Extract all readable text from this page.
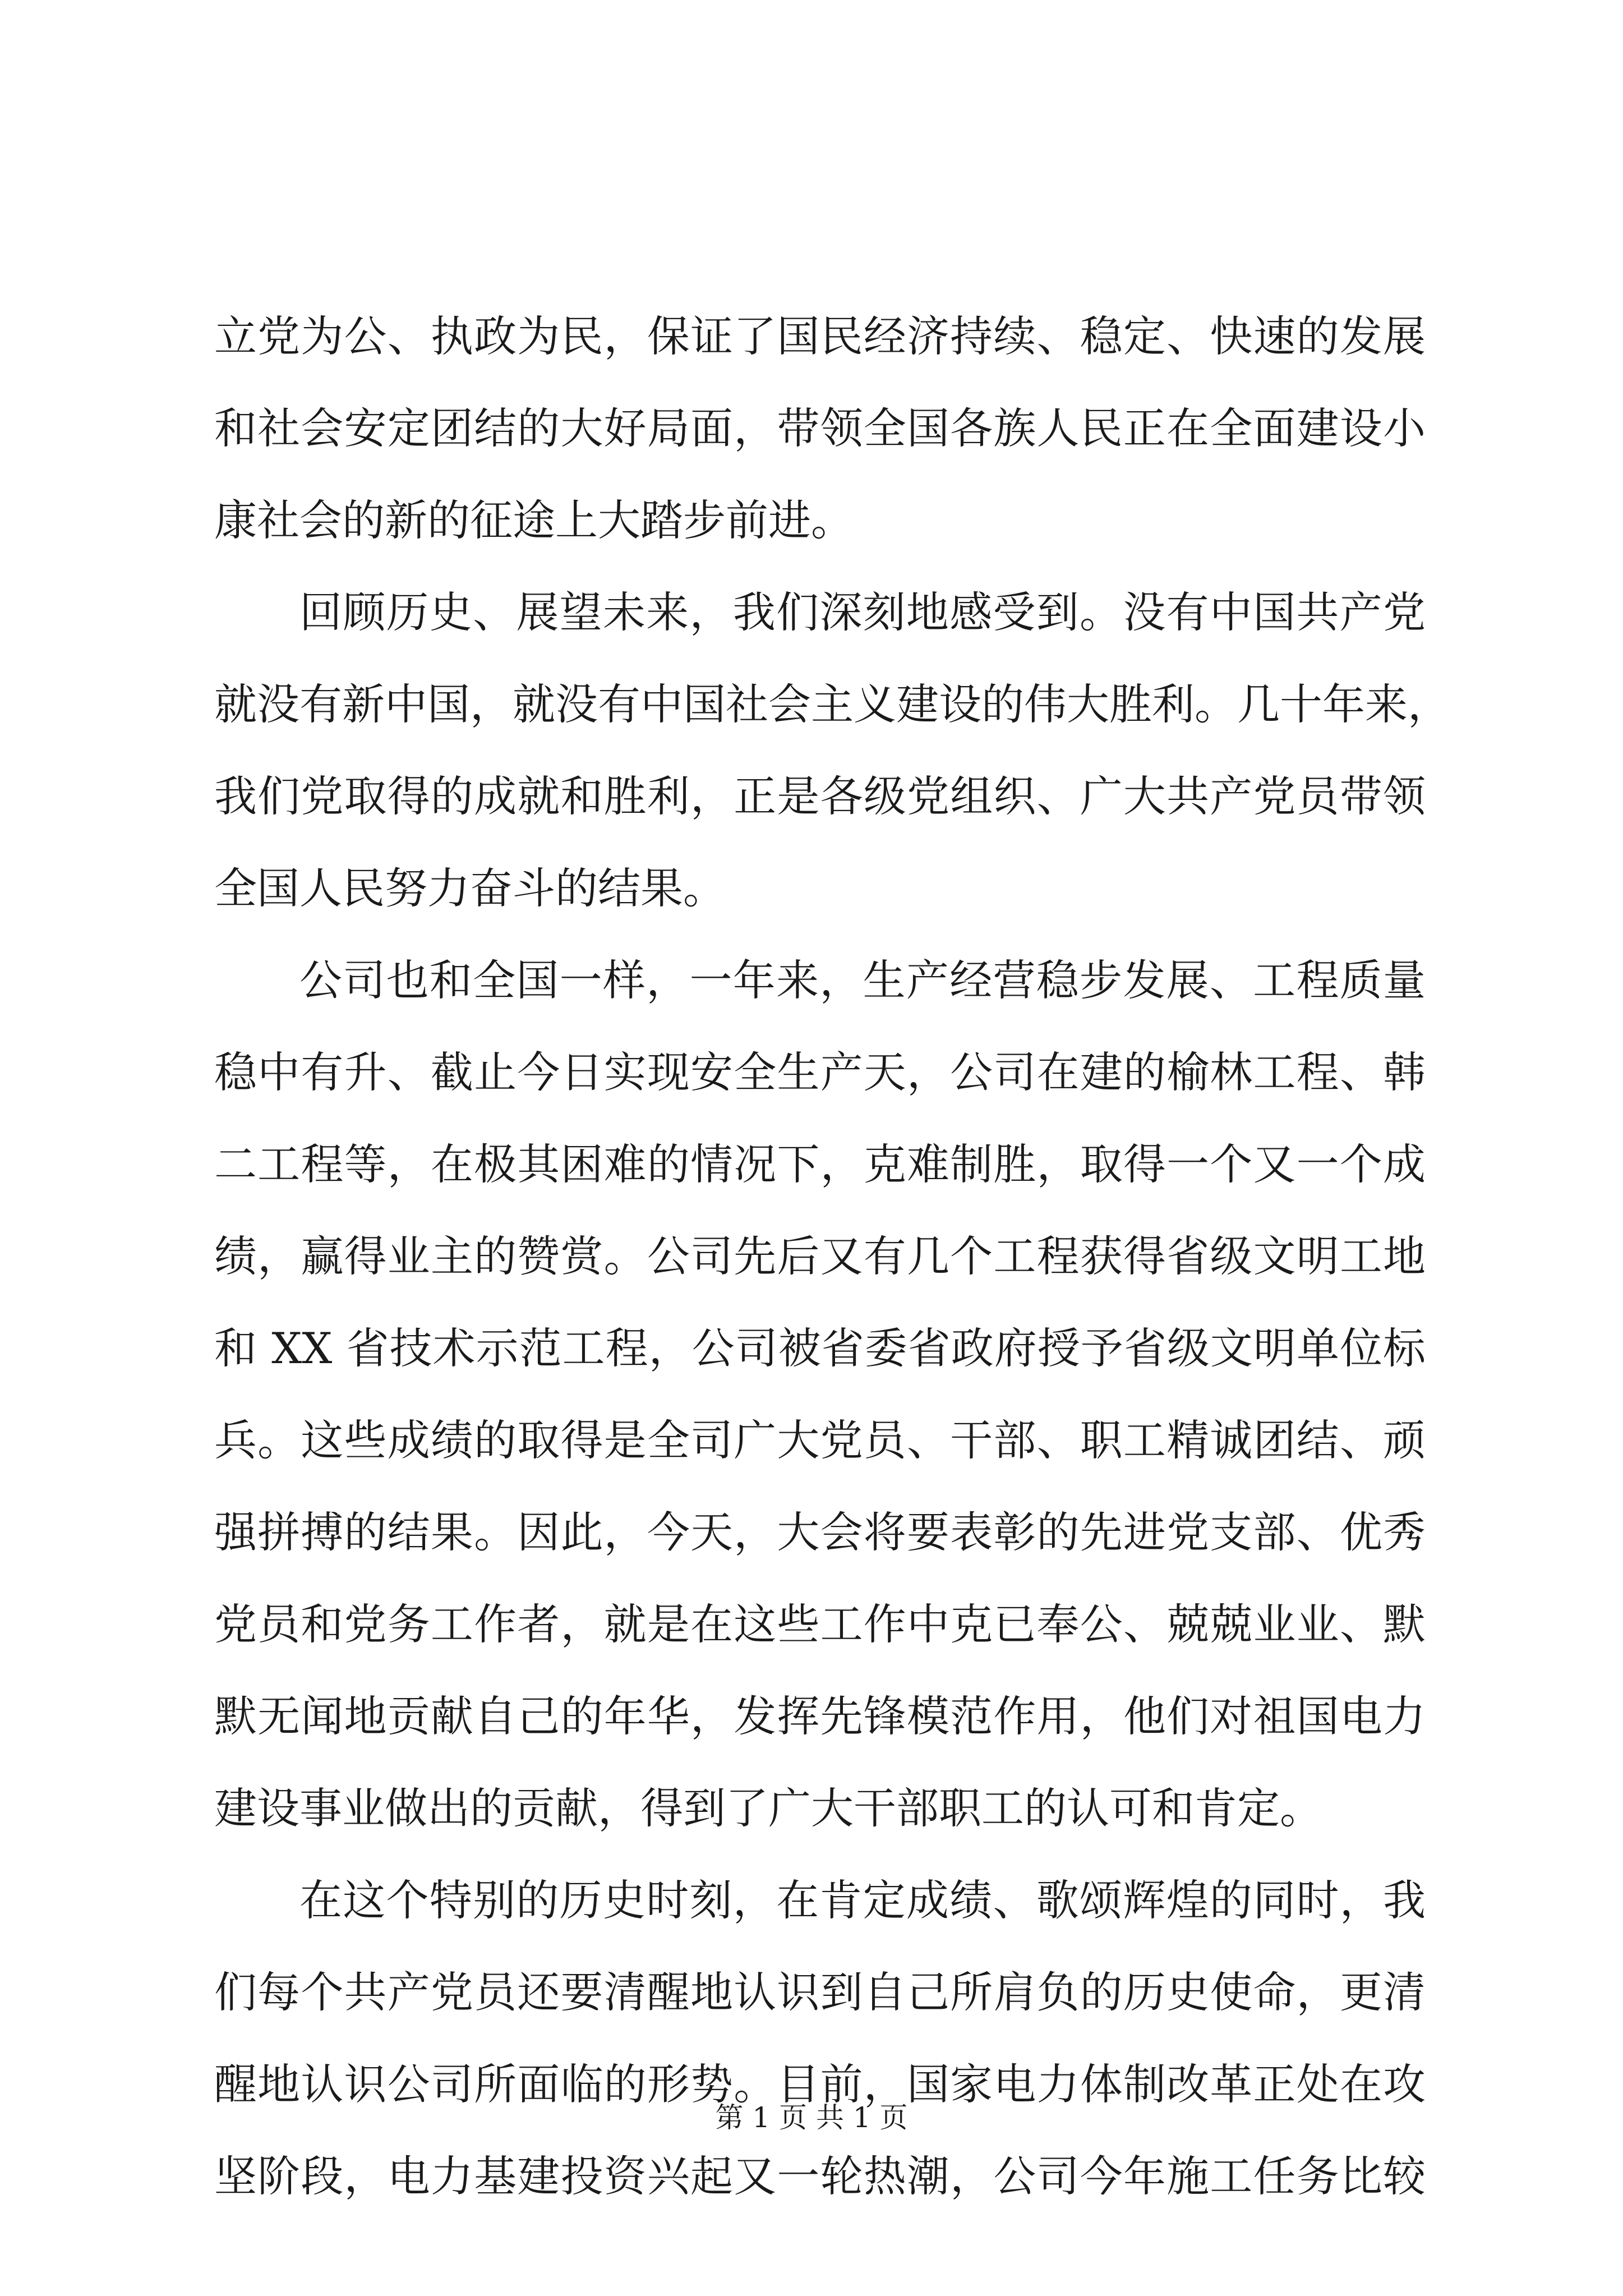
立党为公、执政为民，保证了国民经济持续、稳定、快速的发展
和社会安定团结的大好局面，带领全国各族人民正在全面建设小
康社会的新的征途上大踏步前进。
回顾历史、展望未来，我们深刻地感受到。没有中国共产党
就没有新中国，就没有中国社会主义建设的伟大胜利。几十年来，
我们党取得的成就和胜利，正是各级党组织、广大共产党员带领
全国人民努力奋斗的结果。
公司也和全国一样，一年来，生产经营稳步发展、工程质量
稳中有升、截止今日实现安全生产天，公司在建的榆林工程、韩
二工程等，在极其困难的情况下，克难制胜，取得一个又一个成
绩，赢得业主的赞赏。公司先后又有几个工程获得省级文明工地
和 XX 省技术示范工程，公司被省委省政府授予省级文明单位标
兵。这些成绩的取得是全司广大党员、干部、职工精诚团结、顽
强拼搏的结果。因此，今天，大会将要表彰的先进党支部、优秀
党员和党务工作者，就是在这些工作中克已奉公、兢兢业业、默
默无闻地贡献自己的年华，发挥先锋模范作用，他们对祖国电力
建设事业做出的贡献，得到了广大干部职工的认可和肯定。
在这个特别的历史时刻，在肯定成绩、歌颂辉煌的同时，我
们每个共产党员还要清醒地认识到自己所肩负的历史使命，更清
醒地认识公司所面临的形势。目前，国家电力体制改革正处在攻
坚阶段，电力基建投资兴起又一轮热潮，公司今年施工任务比较
第 1 页 共 1 页
